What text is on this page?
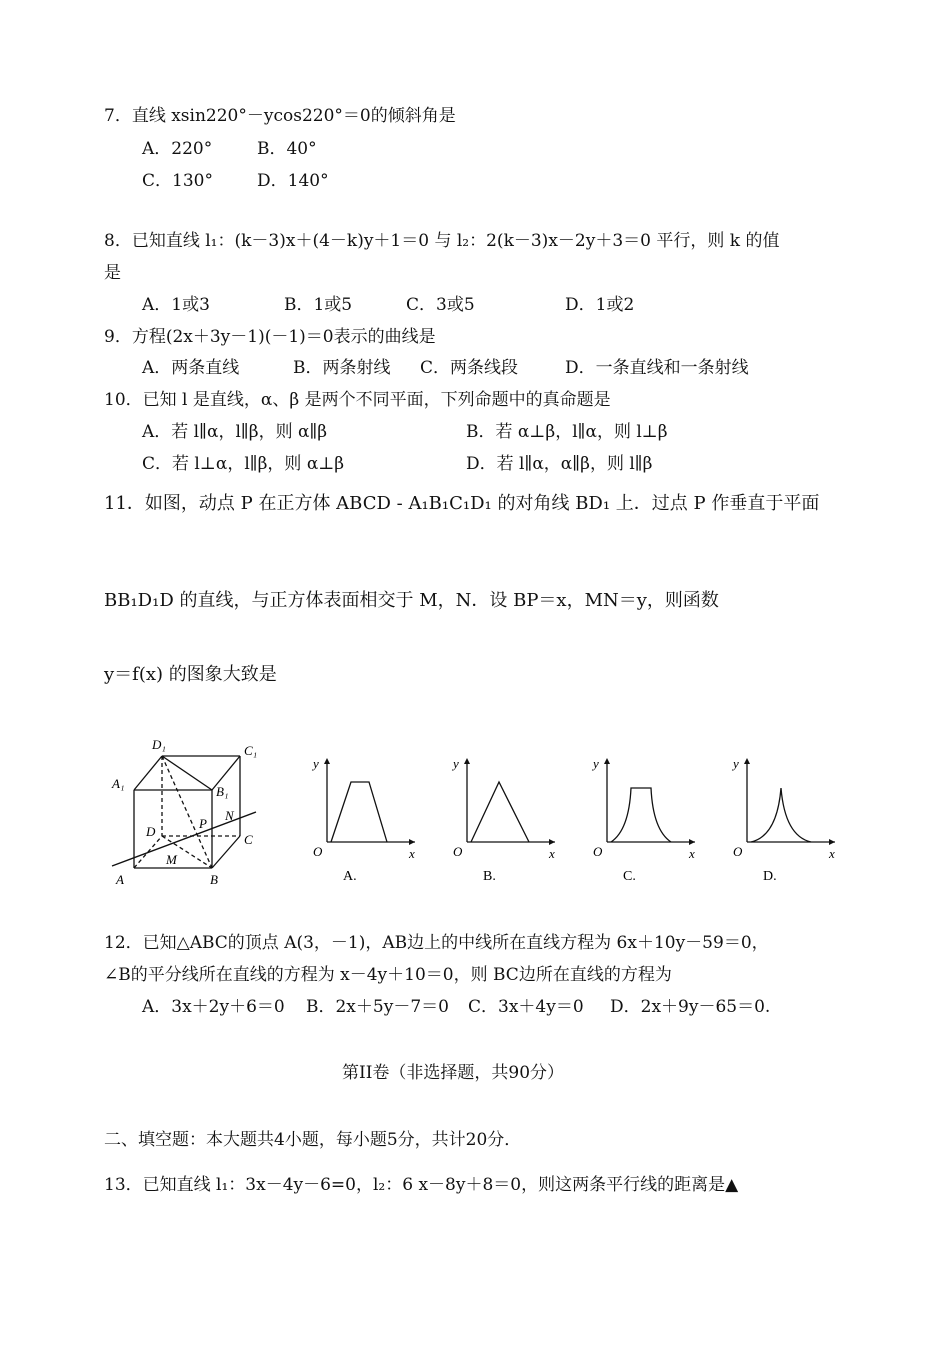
7．直线 xsin220°－ycos220°＝0的倾斜角是
A．220°	B．40°
C．130°	D．140°
8．已知直线 l₁：(k－3)x＋(4－k)y＋1＝0 与 l₂：2(k－3)x－2y＋3＝0 平行，则 k 的值
是
A．1或3	B．1或5	C．3或5	D．1或2
9．方程(2x＋3y－1)(－1)＝0表示的曲线是
A．两条直线	B．两条射线 C．两条线段	D．一条直线和一条射线
10．已知 l 是直线，α、β 是两个不同平面，下列命题中的真命题是
A．若 l∥α，l∥β，则 α∥β	B．若 α⊥β，l∥α，则 l⊥β
C．若 l⊥α，l∥β，则 α⊥β	D．若 l∥α，α∥β，则 l∥β
11．如图，动点 P 在正方体 ABCD - A₁B₁C₁D₁ 的对角线 BD₁ 上．过点 P 作垂直于平面
BB₁D₁D 的直线，与正方体表面相交于 M，N．设 BP＝x，MN＝y，则函数
y＝f(x) 的图象大致是
D₁	C₁
A₁
B₁
D
C
A	B
P
M
N
y
x
O
A.
y
x
O
B.
y
x
O
C.
y
x
O
D.
12．已知△ABC的顶点 A(3，－1)，AB边上的中线所在直线方程为 6x＋10y－59＝0，
∠B的平分线所在直线的方程为 x－4y＋10＝0，则 BC边所在直线的方程为
A．3x＋2y＋6＝0 B．2x＋5y－7＝0 C．3x＋4y＝0 D．2x＋9y－65＝0.
第II卷（非选择题，共90分）
二、填空题：本大题共4小题，每小题5分，共计20分．
13．已知直线 l₁：3x－4y－6=0，l₂：6 x－8y＋8＝0，则这两条平行线的距离是▲
